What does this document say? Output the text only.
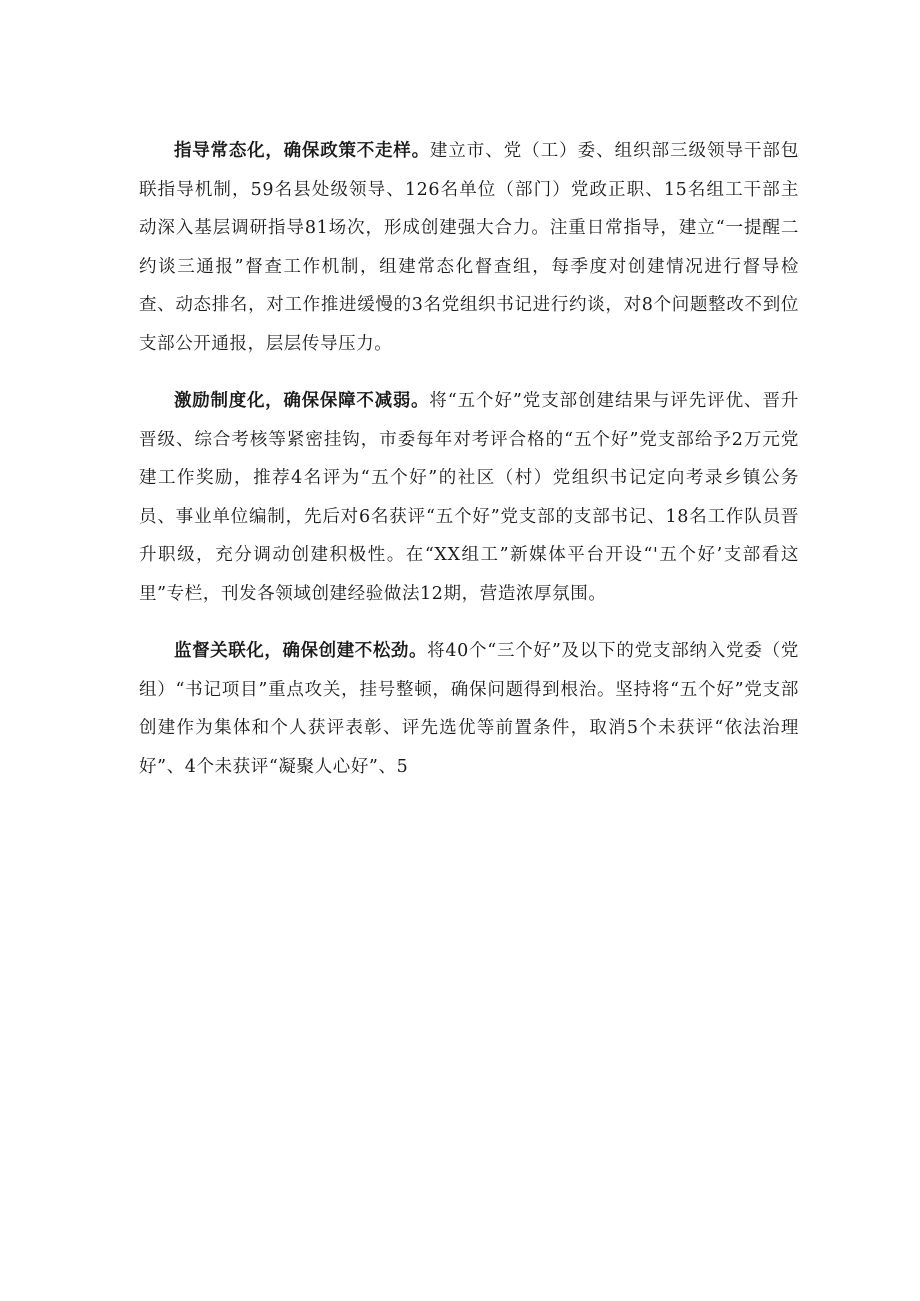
指导常态化，确保政策不走样。建立市、党（工）委、组织部三级领导干部包联指导机制，59名县处级领导、126名单位（部门）党政正职、15名组工干部主动深入基层调研指导81场次，形成创建强大合力。注重日常指导，建立“一提醒二约谈三通报”督查工作机制，组建常态化督查组，每季度对创建情况进行督导检查、动态排名，对工作推进缓慢的3名党组织书记进行约谈，对8个问题整改不到位支部公开通报，层层传导压力。

激励制度化，确保保障不减弱。将“五个好”党支部创建结果与评先评优、晋升晋级、综合考核等紧密挂钩，市委每年对考评合格的“五个好”党支部给予2万元党建工作奖励，推荐4名评为“五个好”的社区（村）党组织书记定向考录乡镇公务员、事业单位编制，先后对6名获评“五个好”党支部的支部书记、18名工作队员晋升职级，充分调动创建积极性。在“XX组工”新媒体平台开设“'五个好’支部看这里”专栏，刊发各领域创建经验做法12期，营造浓厚氛围。

监督关联化，确保创建不松劲。将40个“三个好”及以下的党支部纳入党委（党组）“书记项目”重点攻关，挂号整顿，确保问题得到根治。坚持将“五个好”党支部创建作为集体和个人获评表彰、评先选优等前置条件，取消5个未获评“依法治理好”、4个未获评“凝聚人心好”、5
